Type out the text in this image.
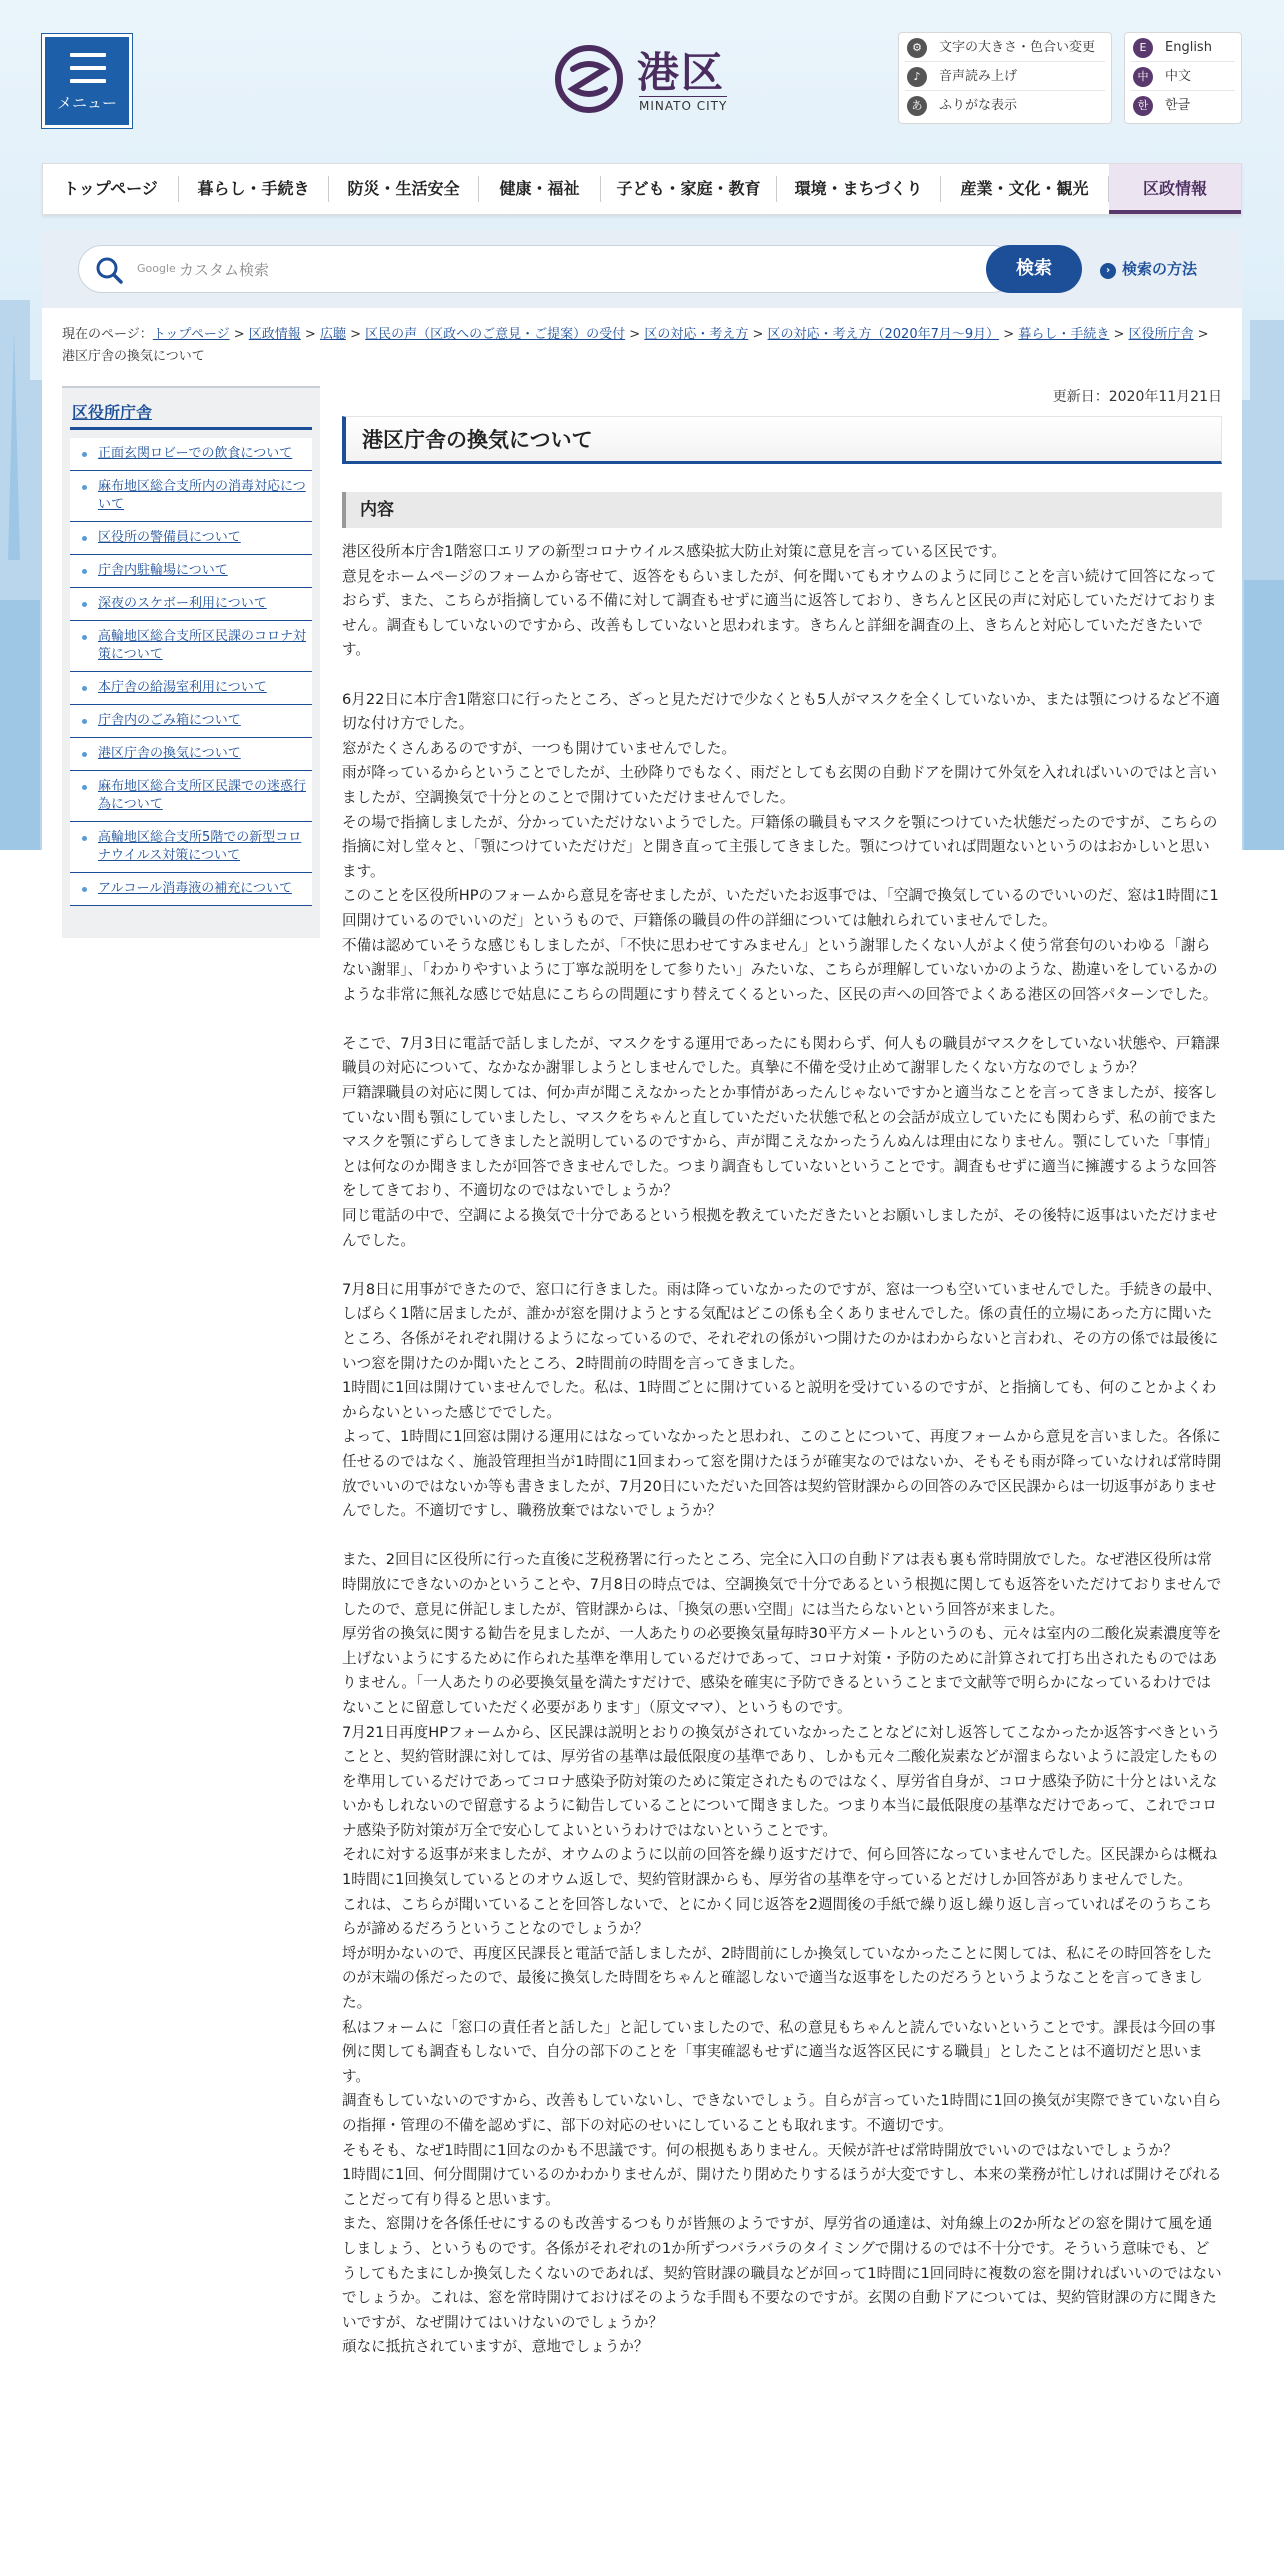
メニュー
港区
MINATO CITY
⚙	文字の大きさ・色合い変更
♪	音声読み上げ
あ	ふりがな表示
E	English
中	中文
한	한글
トップページ	暮らし・手続き	防災・生活安全	健康・福祉	子ども・家庭・教育	環境・まちづくり	産業・文化・観光	区政情報
Google カスタム検索	検索	› 検索の方法
現在のページ：トップページ > 区政情報 > 広聴 > 区民の声（区政へのご意見・ご提案）の受付 > 区の対応・考え方 > 区の対応・考え方（2020年7月～9月） > 暮らし・手続き > 区役所庁舎 > 港区庁舎の換気について
区役所庁舎
正面玄関ロビーでの飲食について
麻布地区総合支所内の消毒対応について
区役所の警備員について
庁舎内駐輪場について
深夜のスケボー利用について
高輪地区総合支所区民課のコロナ対策について
本庁舎の給湯室利用について
庁舎内のごみ箱について
港区庁舎の換気について
麻布地区総合支所区民課での迷惑行為について
高輪地区総合支所5階での新型コロナウイルス対策について
アルコール消毒液の補充について
更新日：2020年11月21日
港区庁舎の換気について
内容

港区役所本庁舎1階窓口エリアの新型コロナウイルス感染拡大防止対策に意見を言っている区民です。

意見をホームページのフォームから寄せて、返答をもらいましたが、何を聞いてもオウムのように同じことを言い続けて回答になっておらず、また、こちらが指摘している不備に対して調査もせずに適当に返答しており、きちんと区民の声に対応していただけておりません。調査もしていないのですから、改善もしていないと思われます。きちんと詳細を調査の上、きちんと対応していただきたいです。

6月22日に本庁舎1階窓口に行ったところ、ざっと見ただけで少なくとも5人がマスクを全くしていないか、または顎につけるなど不適切な付け方でした。

窓がたくさんあるのですが、一つも開けていませんでした。

雨が降っているからということでしたが、土砂降りでもなく、雨だとしても玄関の自動ドアを開けて外気を入れればいいのではと言いましたが、空調換気で十分とのことで開けていただけませんでした。

その場で指摘しましたが、分かっていただけないようでした。戸籍係の職員もマスクを顎につけていた状態だったのですが、こちらの指摘に対し堂々と、「顎につけていただけだ」と開き直って主張してきました。顎につけていれば問題ないというのはおかしいと思います。

このことを区役所HPのフォームから意見を寄せましたが、いただいたお返事では、「空調で換気しているのでいいのだ、窓は1時間に1回開けているのでいいのだ」というもので、戸籍係の職員の件の詳細については触れられていませんでした。

不備は認めていそうな感じもしましたが、「不快に思わせてすみません」という謝罪したくない人がよく使う常套句のいわゆる「謝らない謝罪」、「わかりやすいように丁寧な説明をして参りたい」みたいな、こちらが理解していないかのような、勘違いをしているかのような非常に無礼な感じで姑息にこちらの問題にすり替えてくるといった、区民の声への回答でよくある港区の回答パターンでした。

そこで、7月3日に電話で話しましたが、マスクをする運用であったにも関わらず、何人もの職員がマスクをしていない状態や、戸籍課職員の対応について、なかなか謝罪しようとしませんでした。真摯に不備を受け止めて謝罪したくない方なのでしょうか？

戸籍課職員の対応に関しては、何か声が聞こえなかったとか事情があったんじゃないですかと適当なことを言ってきましたが、接客していない間も顎にしていましたし、マスクをちゃんと直していただいた状態で私との会話が成立していたにも関わらず、私の前でまたマスクを顎にずらしてきましたと説明しているのですから、声が聞こえなかったうんぬんは理由になりません。顎にしていた「事情」とは何なのか聞きましたが回答できませんでした。つまり調査もしていないということです。調査もせずに適当に擁護するような回答をしてきており、不適切なのではないでしょうか？

同じ電話の中で、空調による換気で十分であるという根拠を教えていただきたいとお願いしましたが、その後特に返事はいただけませんでした。

7月8日に用事ができたので、窓口に行きました。雨は降っていなかったのですが、窓は一つも空いていませんでした。手続きの最中、しばらく1階に居ましたが、誰かが窓を開けようとする気配はどこの係も全くありませんでした。係の責任的立場にあった方に聞いたところ、各係がそれぞれ開けるようになっているので、それぞれの係がいつ開けたのかはわからないと言われ、その方の係では最後にいつ窓を開けたのか聞いたところ、2時間前の時間を言ってきました。

1時間に1回は開けていませんでした。私は、1時間ごとに開けていると説明を受けているのですが、と指摘しても、何のことかよくわからないといった感じででした。

よって、1時間に1回窓は開ける運用にはなっていなかったと思われ、このことについて、再度フォームから意見を言いました。各係に任せるのではなく、施設管理担当が1時間に1回まわって窓を開けたほうが確実なのではないか、そもそも雨が降っていなければ常時開放でいいのではないか等も書きましたが、7月20日にいただいた回答は契約管財課からの回答のみで区民課からは一切返事がありませんでした。不適切ですし、職務放棄ではないでしょうか？

また、2回目に区役所に行った直後に芝税務署に行ったところ、完全に入口の自動ドアは表も裏も常時開放でした。なぜ港区役所は常時開放にできないのかということや、7月8日の時点では、空調換気で十分であるという根拠に関しても返答をいただけておりませんでしたので、意見に併記しましたが、管財課からは、「換気の悪い空間」には当たらないという回答が来ました。

厚労省の換気に関する勧告を見ましたが、一人あたりの必要換気量毎時30平方メートルというのも、元々は室内の二酸化炭素濃度等を上げないようにするために作られた基準を準用しているだけであって、コロナ対策・予防のために計算されて打ち出されたものではありません。「一人あたりの必要換気量を満たすだけで、感染を確実に予防できるということまで文献等で明らかになっているわけではないことに留意していただく必要があります」（原文ママ）、というものです。

7月21日再度HPフォームから、区民課は説明とおりの換気がされていなかったことなどに対し返答してこなかったか返答すべきということと、契約管財課に対しては、厚労省の基準は最低限度の基準であり、しかも元々二酸化炭素などが溜まらないように設定したものを準用しているだけであってコロナ感染予防対策のために策定されたものではなく、厚労省自身が、コロナ感染予防に十分とはいえないかもしれないので留意するように勧告していることについて聞きました。つまり本当に最低限度の基準なだけであって、これでコロナ感染予防対策が万全で安心してよいというわけではないということです。

それに対する返事が来ましたが、オウムのように以前の回答を繰り返すだけで、何ら回答になっていませんでした。区民課からは概ね1時間に1回換気しているとのオウム返しで、契約管財課からも、厚労省の基準を守っているとだけしか回答がありませんでした。

これは、こちらが聞いていることを回答しないで、とにかく同じ返答を2週間後の手紙で繰り返し繰り返し言っていればそのうちこちらが諦めるだろうということなのでしょうか？

埒が明かないので、再度区民課長と電話で話しましたが、2時間前にしか換気していなかったことに関しては、私にその時回答をしたのが末端の係だったので、最後に換気した時間をちゃんと確認しないで適当な返事をしたのだろうというようなことを言ってきました。

私はフォームに「窓口の責任者と話した」と記していましたので、私の意見もちゃんと読んでいないということです。課長は今回の事例に関しても調査もしないで、自分の部下のことを「事実確認もせずに適当な返答区民にする職員」としたことは不適切だと思います。

調査もしていないのですから、改善もしていないし、できないでしょう。自らが言っていた1時間に1回の換気が実際できていない自らの指揮・管理の不備を認めずに、部下の対応のせいにしていることも取れます。不適切です。

そもそも、なぜ1時間に1回なのかも不思議です。何の根拠もありません。天候が許せば常時開放でいいのではないでしょうか？

1時間に1回、何分間開けているのかわかりませんが、開けたり閉めたりするほうが大変ですし、本来の業務が忙しければ開けそびれることだって有り得ると思います。

また、窓開けを各係任せにするのも改善するつもりが皆無のようですが、厚労省の通達は、対角線上の2か所などの窓を開けて風を通しましょう、というものです。各係がそれぞれの1か所ずつバラバラのタイミングで開けるのでは不十分です。そういう意味でも、どうしてもたまにしか換気したくないのであれば、契約管財課の職員などが回って1時間に1回同時に複数の窓を開ければいいのではないでしょうか。これは、窓を常時開けておけばそのような手間も不要なのですが。玄関の自動ドアについては、契約管財課の方に聞きたいですが、なぜ開けてはいけないのでしょうか？

頑なに抵抗されていますが、意地でしょうか？
